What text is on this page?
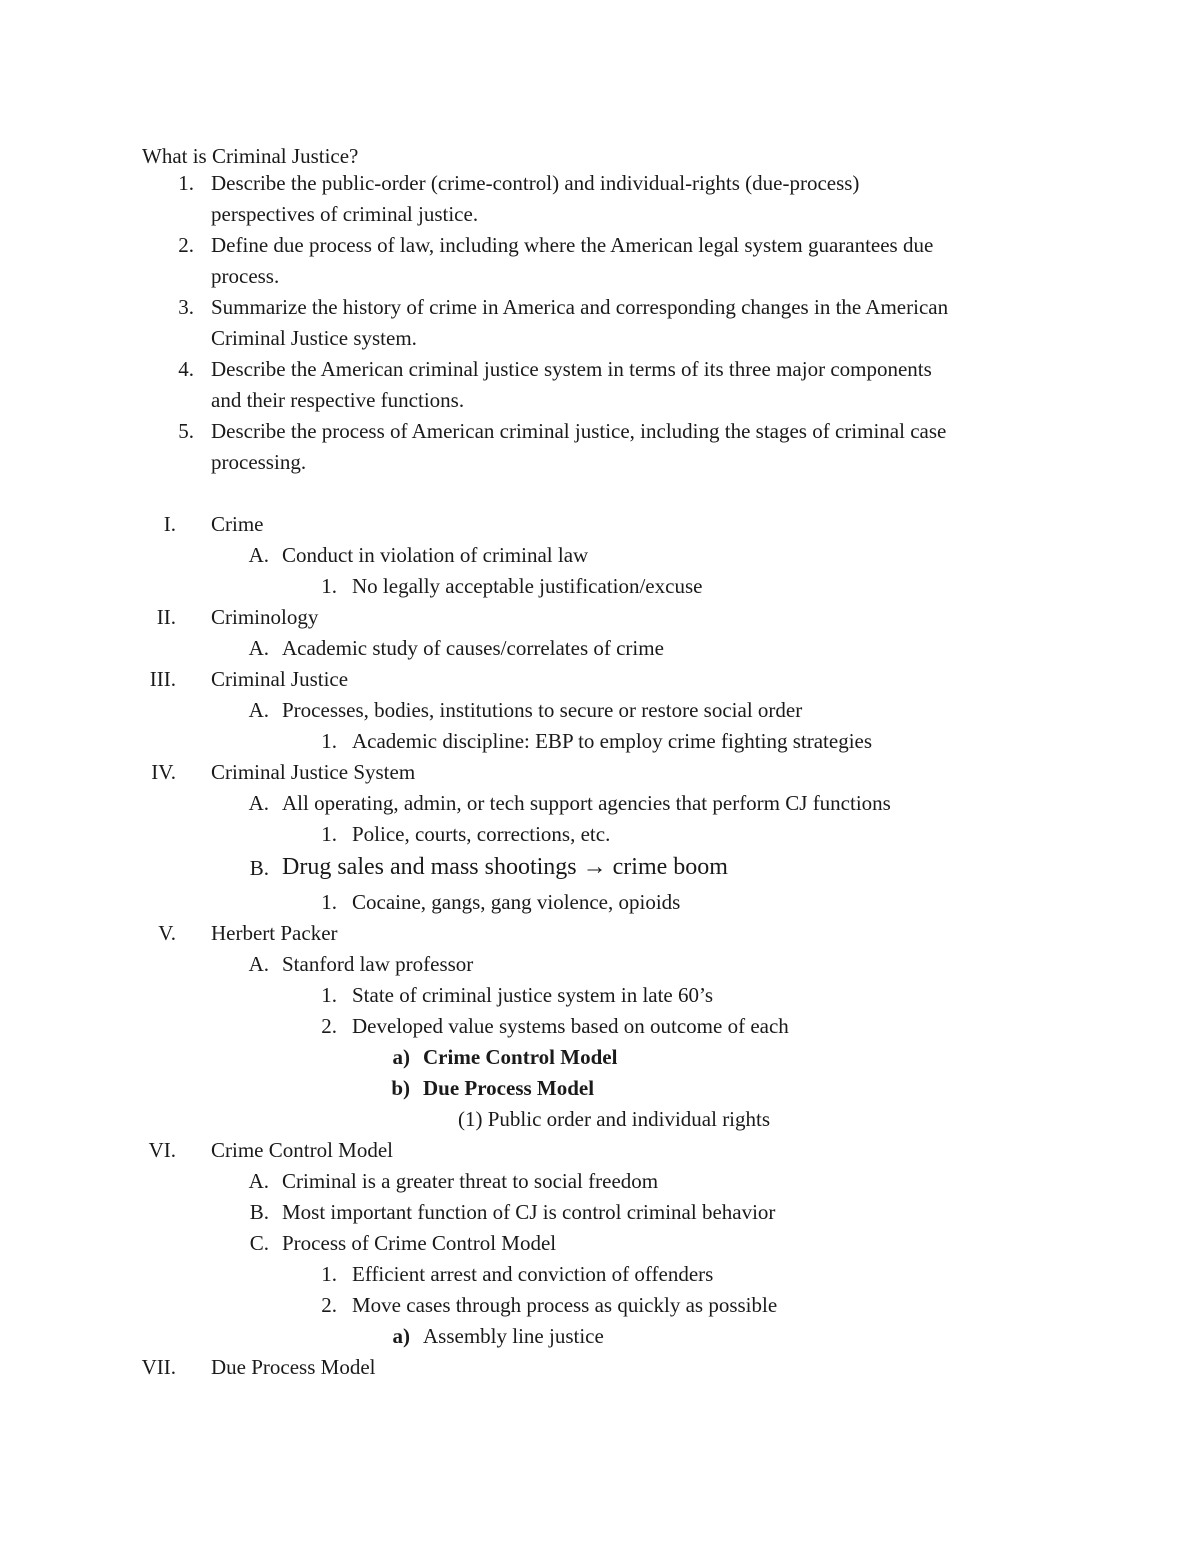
What is Criminal Justice?
1. Describe the public-order (crime-control) and individual-rights (due-process)
perspectives of criminal justice.
2. Define due process of law, including where the American legal system guarantees due
process.
3. Summarize the history of crime in America and corresponding changes in the American
Criminal Justice system.
4. Describe the American criminal justice system in terms of its three major components
and their respective functions.
5. Describe the process of American criminal justice, including the stages of criminal case
processing.
I. Crime
A. Conduct in violation of criminal law
1. No legally acceptable justification/excuse
II. Criminology
A. Academic study of causes/correlates of crime
III. Criminal Justice
A. Processes, bodies, institutions to secure or restore social order
1. Academic discipline: EBP to employ crime fighting strategies
IV. Criminal Justice System
A. All operating, admin, or tech support agencies that perform CJ functions
1. Police, courts, corrections, etc.
B. Drug sales and mass shootings → crime boom
1. Cocaine, gangs, gang violence, opioids
V. Herbert Packer
A. Stanford law professor
1. State of criminal justice system in late 60’s
2. Developed value systems based on outcome of each
a) Crime Control Model
b) Due Process Model
(1) Public order and individual rights
VI. Crime Control Model
A. Criminal is a greater threat to social freedom
B. Most important function of CJ is control criminal behavior
C. Process of Crime Control Model
1. Efficient arrest and conviction of offenders
2. Move cases through process as quickly as possible
a) Assembly line justice
VII. Due Process Model
